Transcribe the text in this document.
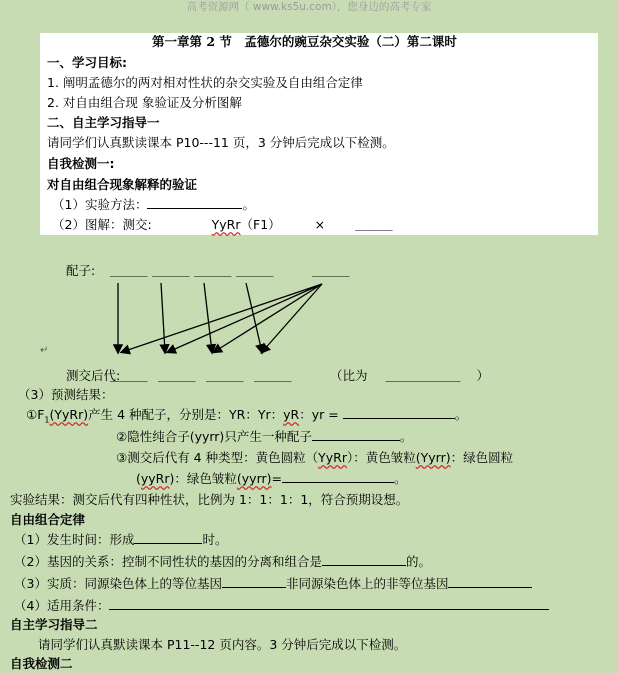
高考资源网（ www.ks5u.com），您身边的高考专家
第一章第 2 节　孟德尔的豌豆杂交实验（二）第二课时
一、学习目标:
1. 阐明孟德尔的两对相对性状的杂交实验及自由组合定律
2. 对自由组合现 象验证及分析图解
二、自主学习指导一
请同学们认真默读课本 P10---11 页，3 分钟后完成以下检测。
自我检测一:
对自由组合现象解释的验证
（1）实验方法：	。
（2）图解：测交:	YyRr（F1）	× ＿＿＿
配子: ＿＿＿ ＿＿＿ ＿＿＿ ＿＿＿	＿＿＿
↵
测交后代:
＿＿＿ ＿＿＿ ＿＿＿ ＿＿＿	（比为 ＿＿＿＿＿＿ ）
（3）预测结果：
$①F_1(YyRr)$产生 4 种配子，分别是：YR：Yr：yR：yr =	。
②隐性纯合子(yyrr)只产生一种配子	。
③测交后代有 4 种类型：黄色圆粒（YyRr）：黄色皱粒(Yyrr)：绿色圆粒
(yyRr)：绿色皱粒(yyrr)=	。
实验结果：测交后代有四种性状，比例为 1：1：1：1，符合预期设想。
自由组合定律
（1）发生时间：形成	时。
（2）基因的关系：控制不同性状的基因的分离和组合是	的。
（3）实质：同源染色体上的等位基因	非同源染色体上的非等位基因
（4）适用条件：
自主学习指导二
请同学们认真默读课本 P11--12 页内容。3 分钟后完成以下检测。
自我检测二
